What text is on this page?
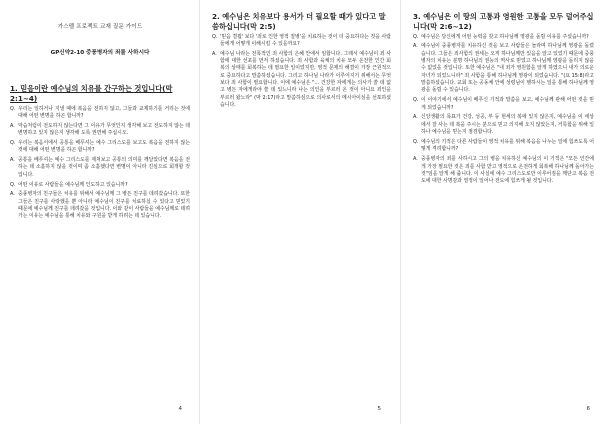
가스펠 프로젝트 교재 질문 가이드
GP신약2-10 중풍병자의 죄를 사하시다
1. 믿음이란 예수님의 치유를 간구하는 것입니다(막 2:1~4)
Q. 우리는 일하거나 지낼 때에 복음을 전하지 않고, 그들과 교제하기를 거리는 것에 대해 어떤 변명을 하곤 합니까?
A. 악습처럼이 전도하지 않는다면 그 이유가 무엇인지 생각해 보고 전도하지 않는 데 변명하고 있지 않은지 생각해 도록 권면해 주십시오.
Q. 우리는 복음서에서 공통을 베푸셔는 예수 그리스도를 보고도 복음을 전하지 않는 것에 대해 어떤 변명을 하곤 합니까?
A. 공통을 베푸셔는 예수 그리스도를 제쳐보고 공통의 의미를 깨달았다면 복음을 전하는 데 소홀하지 않을 것이며 좀 소홀했다면 변명이 아니라 진심으로 회개할 것입니다.
Q. 어떤 이유로 사람들을 예수님께 인도하고 있습니까?
A. 중풍병자의 친구들은 치유를 위해서 예수님께 그 병든 친구를 데려갔습니다. 또한 그들은 친구를 사랑했을 뿐 아니라 예수님이 친구를 치료하실 수 있다고 믿었기 때문에 예수님께 친구를 데려갔을 것입니다. 이와 같이 사람들을 예수님께로 데려가는 이유는 예수님을 통해 치유와 구원을 받게 하려는 데 있습니다.
4
2. 예수님은 치유보다 용서가 더 필요할 때가 있다고 말씀하십니다(막 2:5)
Q. '믿음 결핍' 보다 '죄로 인한 영적 질병'을 치료하는 것이 더 중요하다는 것을 사람들에게 어떻게 이해시킬 수 있을까요?
A. 예수님 나라는 전폭적인 죄 사함의 은혜 안에서 임합니다. 그래서 예수님이 죄 사함에 대한 선포를 먼저 하셨습니다. 죄 사함과 육체의 치유 모두 온전한 인간 회복의 상태를 회복하는 데 필요한 일이었지만, 영적 문제의 해결이 가장 근원적으로 중요하다고 말씀하셨습니다. 그리고 하나님 나라가 이루어지기 위해서는 무엇보다 죄 사함이 필요합니다. 이에 예수님은 "… 건강한 자에게는 의사가 쓸 데 없고 병든 자에게라야 쓸 데 있느니라 나는 의인을 부르러 온 것이 아니요 죄인을 부르러 왔노라" (막 2:17)라고 말씀하심으로 의사로서의 메시아이심을 선포하셨습니다.
5
3. 예수님은 이 땅의 고통과 영원한 고통을 모두 덜어주십니다(막 2:6~12)
Q. 예수님은 당신에게 어떤 능력을 갖고 하나님께 영광을 돌릴 이유를 주셨습니까?
A. 예수님이 중풍병자를 치유하신 것을 보고 사람들은 놀라며 하나님께 영광을 돌렸습니다. 그들은 죄사함의 권세는 오직 하나님께만 있음을 알고 있었기 때문에 중풍병자의 치유는 분명 하나님의 권능의 역사로 믿었고 하나님께 영광을 돌리지 않을 수 없었을 것입니다. 또한 예수님은 "내 죄가 영원함을 알게 하였으니 내가 의로운 자녀가 되었느니라" 죄 사함을 통해 하나님께 영광이 되었습니다. "(요 15:8)라고 말씀하셨습니다. 교회 또는 공동체 안에 성령님이 행하시는 일을 통해 하나님께 영광을 돌릴 수 있습니다.
Q. 이 이야기에서 예수님이 베푸신 기적과 말씀을 보고, 예수님께 관해 어떤 것을 믿게 되었습니까?
A. 신앙생활의 목표가 건강, 성공, 부 등 현세의 복에 있지 않은지, 예수님을 이 세상에서 잘 사는 데 복을 주시는 분으로 믿고 의지해 오지 않았는지, 거룩함을 위해 일하나 예수님을 믿는지 점검합니다.
Q. 예수님의 기적은 다른 사람들이 영적 치유를 위해 복음을 나누는 일에 힘쓰도록 어떻게 격려합니까?
A. 중풍병자의 죄를 사하시고 그의 병을 치유하신 예수님의 이 기적은 "모든 인간에게 가장 필요한 것은 죄를 사함 받고 영적으로 온전하게 회복해 하나님께 돌아가는 것"임을 알게 해 줍니다. 이 사실에 예수 그리스도로만 이루어짐을 깨닫고 복음 전도에 대한 사명감과 열정이 일어나 전도에 힘쓰게 될 것입니다.
6
